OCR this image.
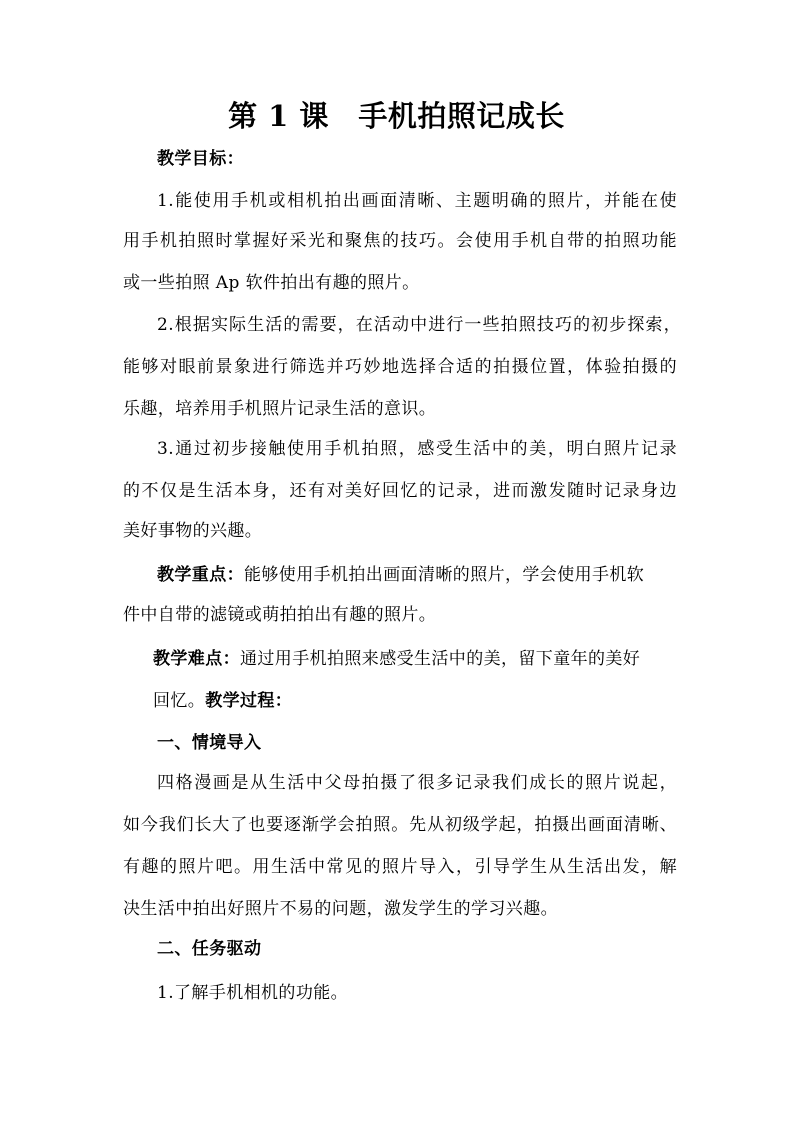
第 1 课　手机拍照记成长
教学目标：
1.能使用手机或相机拍出画面清晰、主题明确的照片，并能在使
用手机拍照时掌握好采光和聚焦的技巧。会使用手机自带的拍照功能
或一些拍照 Ap 软件拍出有趣的照片。
2.根据实际生活的需要，在活动中进行一些拍照技巧的初步探索，
能够对眼前景象进行筛选并巧妙地选择合适的拍摄位置，体验拍摄的
乐趣，培养用手机照片记录生活的意识。
3.通过初步接触使用手机拍照，感受生活中的美，明白照片记录
的不仅是生活本身，还有对美好回忆的记录，进而激发随时记录身边
美好事物的兴趣。
教学重点：能够使用手机拍出画面清晰的照片，学会使用手机软
件中自带的滤镜或萌拍拍出有趣的照片。
教学难点：通过用手机拍照来感受生活中的美，留下童年的美好
回忆。教学过程：
一、情境导入
四格漫画是从生活中父母拍摄了很多记录我们成长的照片说起，
如今我们长大了也要逐渐学会拍照。先从初级学起，拍摄出画面清晰、
有趣的照片吧。用生活中常见的照片导入，引导学生从生活出发，解
决生活中拍出好照片不易的问题，激发学生的学习兴趣。
二、任务驱动
1.了解手机相机的功能。
